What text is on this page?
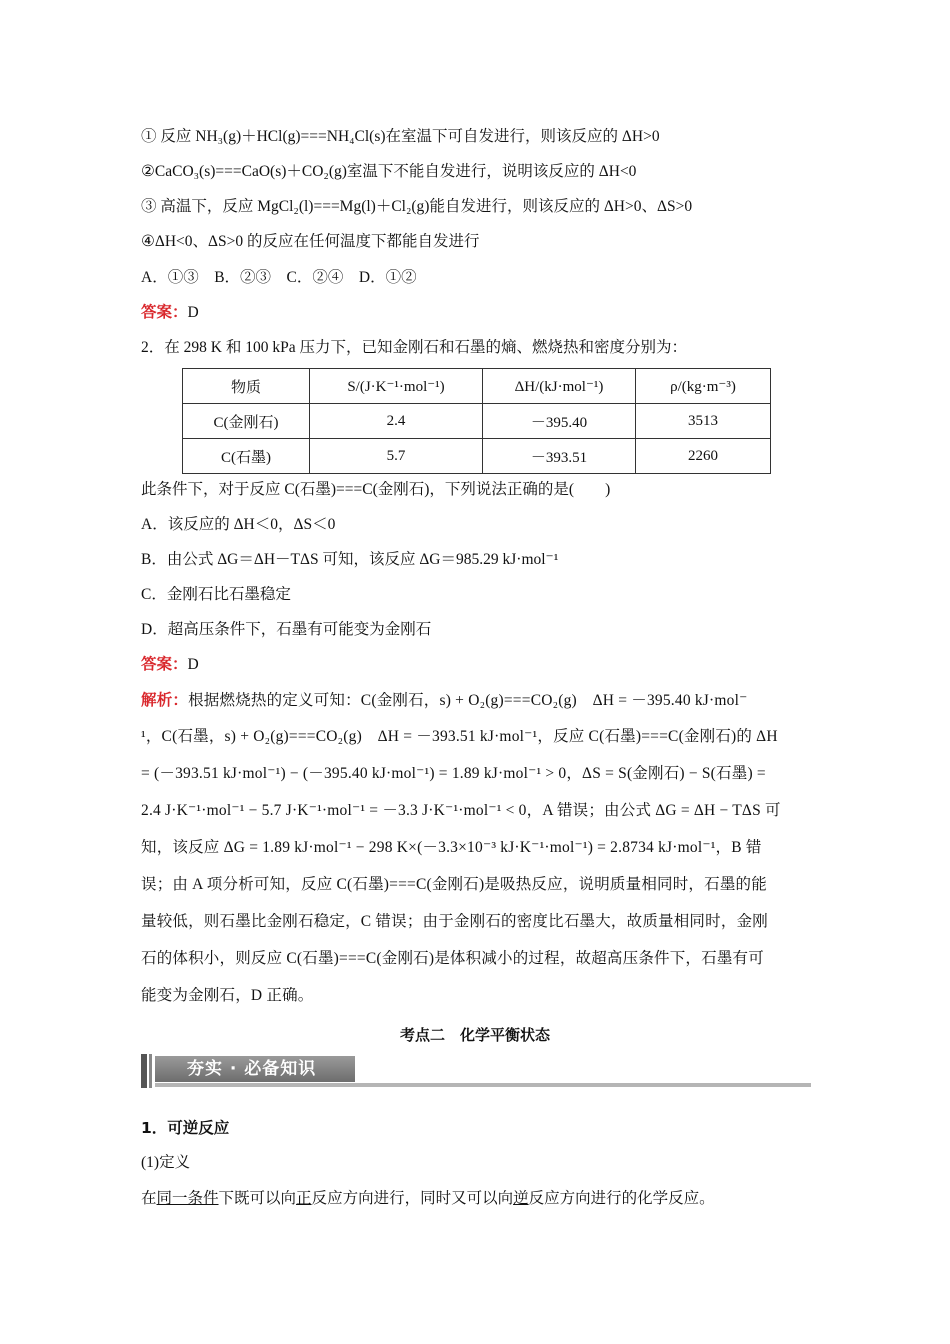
① 反应 NH₃(g)＋HCl(g)===NH₄Cl(s)在室温下可自发进行，则该反应的 ΔH>0
②CaCO₃(s)===CaO(s)＋CO₂(g)室温下不能自发进行，说明该反应的 ΔH<0
③ 高温下，反应 MgCl₂(l)===Mg(l)＋Cl₂(g)能自发进行，则该反应的 ΔH>0、ΔS>0
④ΔH<0、ΔS>0 的反应在任何温度下都能自发进行
A．①③　B．②③　C．②④　D．①②
答案：D
2．在 298 K 和 100 kPa 压力下，已知金刚石和石墨的熵、燃烧热和密度分别为：
物质	S/(J·K⁻¹·mol⁻¹)	ΔH/(kJ·mol⁻¹)	ρ/(kg·m⁻³)
C(金刚石)	2.4	－395.40	3513
C(石墨)	5.7	－393.51	2260
此条件下，对于反应 C(石墨)===C(金刚石)，下列说法正确的是(　　)
A．该反应的 ΔH＜0，ΔS＜0
B．由公式 ΔG＝ΔH－TΔS 可知，该反应 ΔG＝985.29 kJ·mol⁻¹
C．金刚石比石墨稳定
D．超高压条件下，石墨有可能变为金刚石
答案：D
解析：根据燃烧热的定义可知：C(金刚石，s) + O₂(g)===CO₂(g)　ΔH = －395.40 kJ·mol⁻
¹，C(石墨，s) + O₂(g)===CO₂(g)　ΔH = －393.51 kJ·mol⁻¹，反应 C(石墨)===C(金刚石)的 ΔH
= (－393.51 kJ·mol⁻¹) − (－395.40 kJ·mol⁻¹) = 1.89 kJ·mol⁻¹ > 0，ΔS = S(金刚石) − S(石墨) =
2.4 J·K⁻¹·mol⁻¹ − 5.7 J·K⁻¹·mol⁻¹ = －3.3 J·K⁻¹·mol⁻¹ < 0，A 错误；由公式 ΔG = ΔH − TΔS 可
知，该反应 ΔG = 1.89 kJ·mol⁻¹ − 298 K×(－3.3×10⁻³ kJ·K⁻¹·mol⁻¹) = 2.8734 kJ·mol⁻¹，B 错
误；由 A 项分析可知，反应 C(石墨)===C(金刚石)是吸热反应，说明质量相同时，石墨的能
量较低，则石墨比金刚石稳定，C 错误；由于金刚石的密度比石墨大，故质量相同时，金刚
石的体积小，则反应 C(石墨)===C(金刚石)是体积减小的过程，故超高压条件下，石墨有可
能变为金刚石，D 正确。
考点二　化学平衡状态
夯实 · 必备知识
1．可逆反应
(1)定义
在同一条件下既可以向正反应方向进行，同时又可以向逆反应方向进行的化学反应。
